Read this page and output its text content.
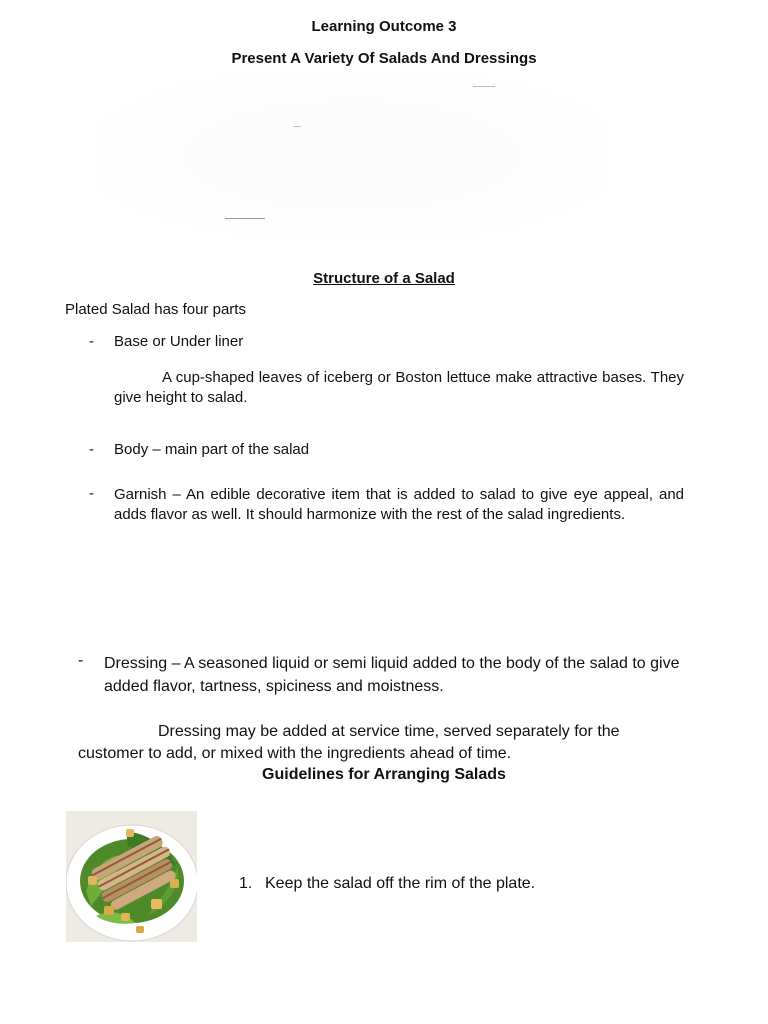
Learning Outcome 3
Present A Variety Of Salads And Dressings
Structure of a Salad
Plated Salad has four parts
- Base or Under liner
A cup-shaped leaves of iceberg or Boston lettuce make attractive bases. They give height to salad.
- Body – main part of the salad
- Garnish – An edible decorative item that is added to salad to give eye appeal, and adds flavor as well. It should harmonize with the rest of the salad ingredients.
- Dressing – A seasoned liquid or semi liquid added to the body of the salad to give added flavor, tartness, spiciness and moistness.
Dressing may be added at service time, served separately for the customer to add, or mixed with the ingredients ahead of time.
Guidelines for Arranging Salads
1. Keep the salad off the rim of the plate.
